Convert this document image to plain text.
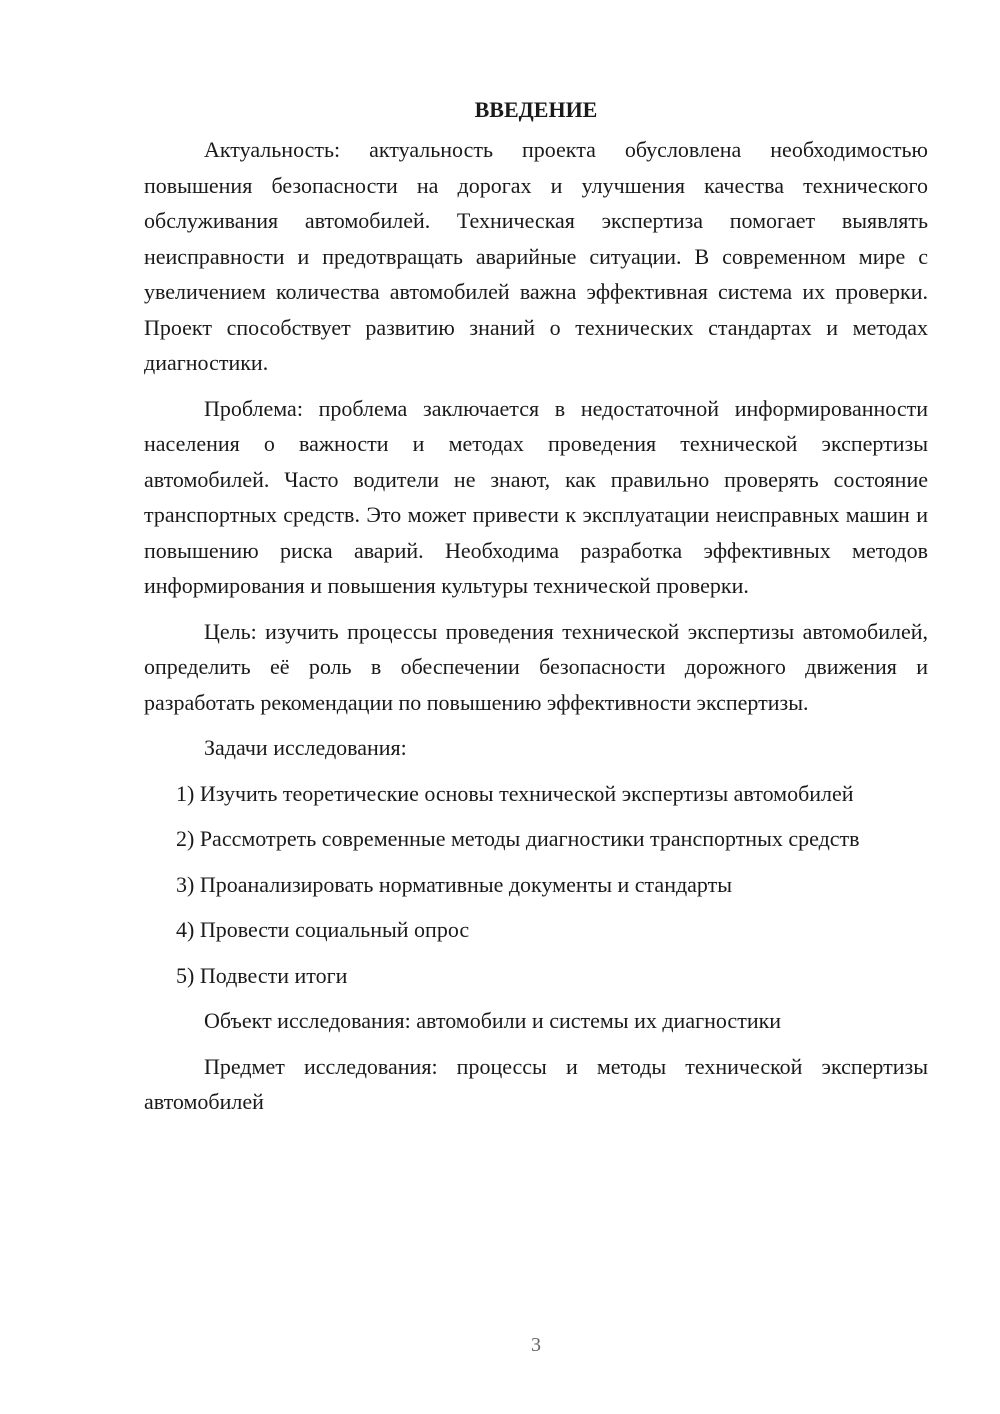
ВВЕДЕНИЕ

Актуальность: актуальность проекта обусловлена необходимостью повышения безопасности на дорогах и улучшения качества технического обслуживания автомобилей. Техническая экспертиза помогает выявлять неисправности и предотвращать аварийные ситуации. В современном мире с увеличением количества автомобилей важна эффективная система их проверки. Проект способствует развитию знаний о технических стандартах и методах диагностики.

Проблема: проблема заключается в недостаточной информированности населения о важности и методах проведения технической экспертизы автомобилей. Часто водители не знают, как правильно проверять состояние транспортных средств. Это может привести к эксплуатации неисправных машин и повышению риска аварий. Необходима разработка эффективных методов информирования и повышения культуры технической проверки.

Цель: изучить процессы проведения технической экспертизы автомобилей, определить её роль в обеспечении безопасности дорожного движения и разработать рекомендации по повышению эффективности экспертизы.

Задачи исследования:

1) Изучить теоретические основы технической экспертизы автомобилей

2) Рассмотреть современные методы диагностики транспортных средств

3) Проанализировать нормативные документы и стандарты

4) Провести социальный опрос

5) Подвести итоги

Объект исследования: автомобили и системы их диагностики

Предмет исследования: процессы и методы технической экспертизы автомобилей

3
